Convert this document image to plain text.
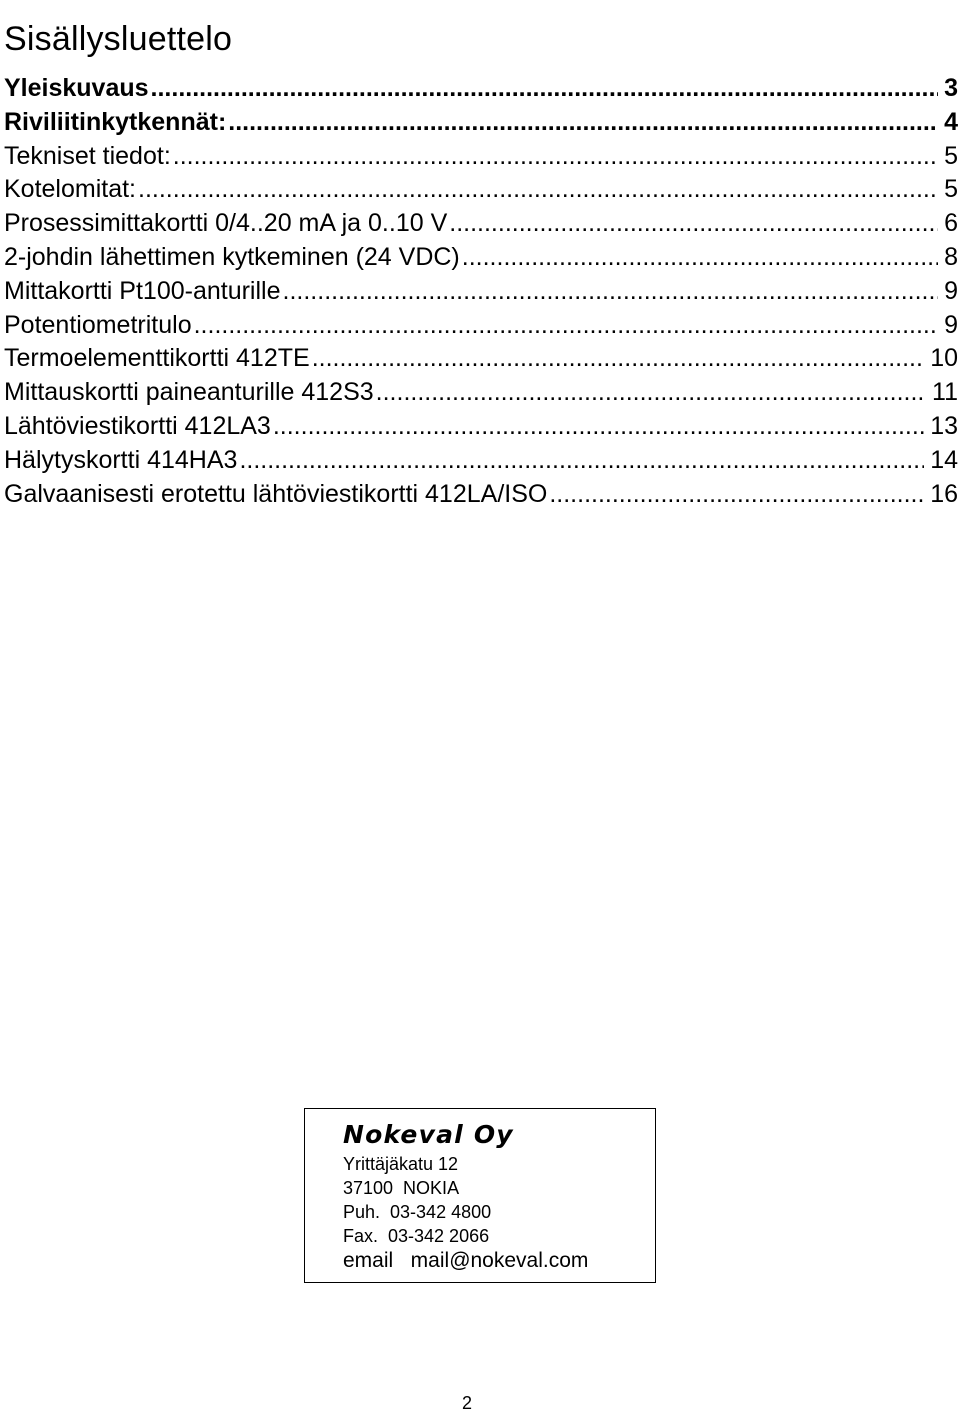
Sisällysluettelo
Yleiskuvaus .....	3
Riviliitinkytkennät: .....	4
Tekniset tiedot: .....	5
Kotelomitat: .....	5
Prosessimittakortti 0/4..20 mA ja 0..10 V .....	6
2-johdin lähettimen kytkeminen (24 VDC) .....	8
Mittakortti Pt100-anturille .....	9
Potentiometritulo .....	9
Termoelementtikortti 412TE .....	10
Mittauskortti paineanturille 412S3 .....	11
Lähtöviestikortti 412LA3 .....	13
Hälytyskortti 414HA3 .....	14
Galvaanisesti erotettu lähtöviestikortti 412LA/ISO .....	16
Nokeval Oy
Yrittäjäkatu 12
37100  NOKIA
Puh.  03-342 4800
Fax.  03-342 2066
email   mail@nokeval.com
2
